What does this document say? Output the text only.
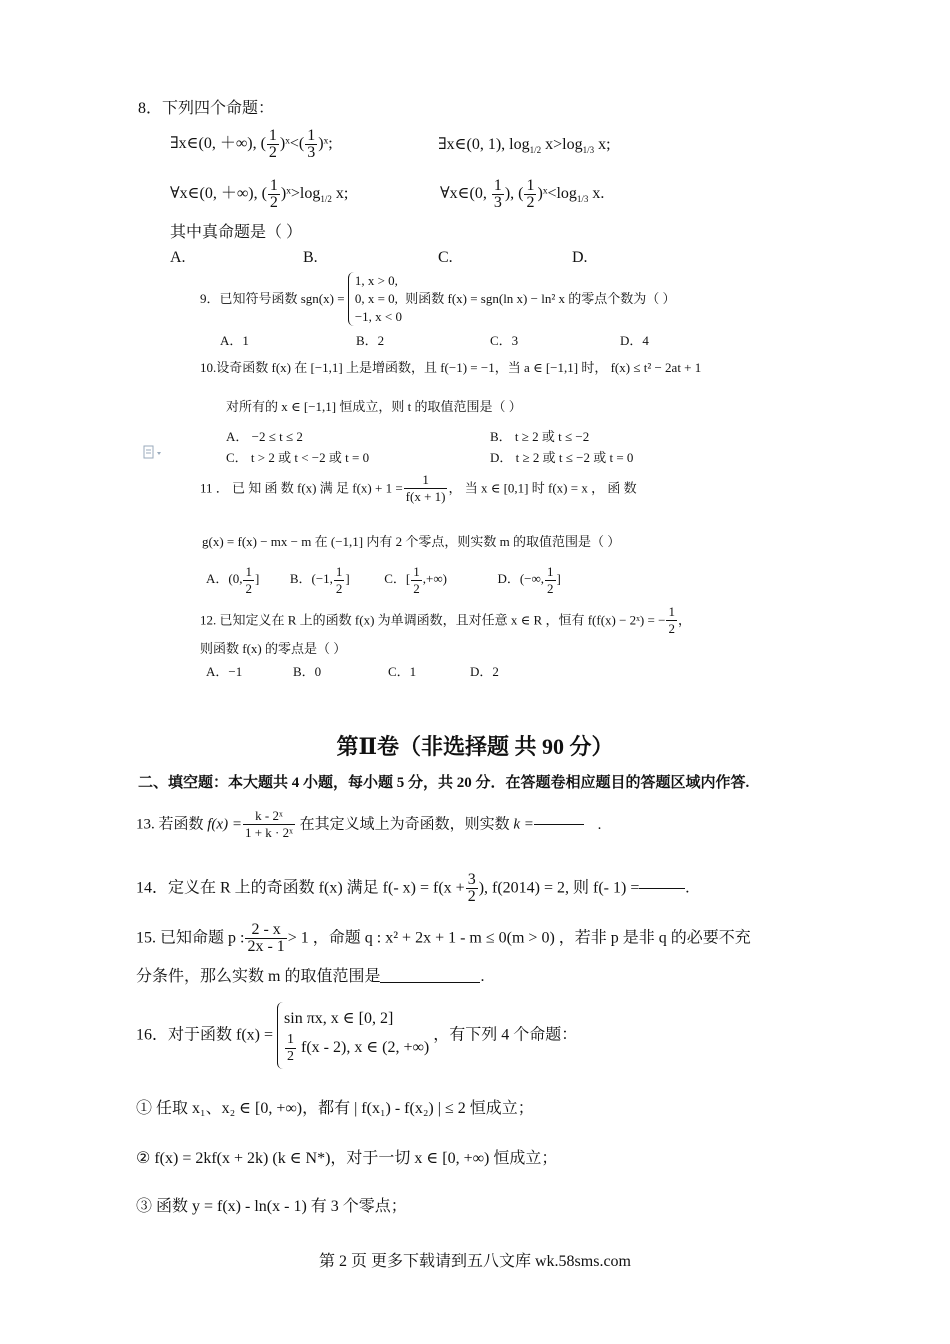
8．下列四个命题：
∃x∈(0, ＋∞), ( $\frac{1}{2}$ )ˣ<( $\frac{1}{3}$ )ˣ;	∃x∈(0, 1), $\log_{1/2} x>\log_{1/3}$ x;
∀x∈(0, ＋∞), ( $\frac{1}{2}$ )$ˣ>\log_{1/2}$ x;	∀x∈(0, $\frac{1}{3}$ ), ( $\frac{1}{2}$ )$ˣ<\log_{1/3}$ x.
其中真命题是（ ）
A.	B.	C.	D.
9．已知符号函数 sgn(x) =
1, x > 0,
0, x = 0,
−1, x < 0
则函数 f(x) = sgn(ln x) − ln² x 的零点个数为（ ）
A．1	B．2	C．3	D．4
10.设奇函数 f(x) 在 [−1,1] 上是增函数，且 f(−1) = −1，当 a ∈ [−1,1] 时， f(x) ≤ t² − 2at + 1
对所有的 x ∈ [−1,1] 恒成立，则 t 的取值范围是（ ）
A． −2 ≤ t ≤ 2	B． t ≥ 2 或 t ≤ −2
C． t > 2 或 t < −2 或 t = 0	D． t ≥ 2 或 t ≤ −2 或 t = 0
11 ． 已 知 函 数 f(x) 满 足 $f(x) + 1 = \frac{1}{f(x + 1)}$ ， 当 x ∈ [0,1] 时 f(x) = x ， 函 数
g(x) = f(x) − mx − m 在 (−1,1] 内有 2 个零点，则实数 m 的取值范围是（ ）
A．(0, $\frac{1}{2}$ ] B．(−1, $\frac{1}{2}$ ]	C．[ $\frac{1}{2}$ ,+∞)	D．(−∞, $\frac{1}{2}$ ]
12. 已知定义在 R 上的函数 f(x) 为单调函数，且对任意 x ∈ R ，恒有 f(f(x) − 2ˣ) = − $\frac{1}{2}$ ，
则函数 f(x) 的零点是（ ）
A．−1	B．0	C．1	D．2
第Ⅱ卷（非选择题 共 90 分）
二、填空题：本大题共 4 小题，每小题 5 分，共 20 分．在答题卷相应题目的答题区域内作答.
13. 若函数 $f(x) = \frac{\text{k - 2ˣ}}{\text{1 + k · 2ˣ}}$ 在其定义域上为奇函数，则实数 k =	.
14．定义在 R 上的奇函数 f(x) 满足 f(- $x) = f(x + \frac{3}{2}$ ), f(2014) = 2, 则 f(- 1) =	.
15. 已知命题 p : $\frac{2 - x}{2x - 1} > 1$ ，命题 q : x² + 2x + 1 - m ≤ 0(m > 0) ，若非 p 是非 q 的必要不充
分条件，那么实数 m 的取值范围是	.
16．对于函数 f(x) =
sin πx, x ∈ [0, 2]
$\frac{1}{2} f(x - 2)$, x ∈ (2, +∞)
，有下列 4 个命题：
① 任取 x₁、x₂ ∈ [0, +∞)，都有 | f(x₁) - f(x₂) | ≤ 2 恒成立；
② f(x) = 2kf(x + 2k) (k ∈ N*)，对于一切 x ∈ [0, +∞) 恒成立；
③ 函数 y = f(x) - ln(x - 1) 有 3 个零点；
第 2 页 更多下载请到五八文库 wk.58sms.com
